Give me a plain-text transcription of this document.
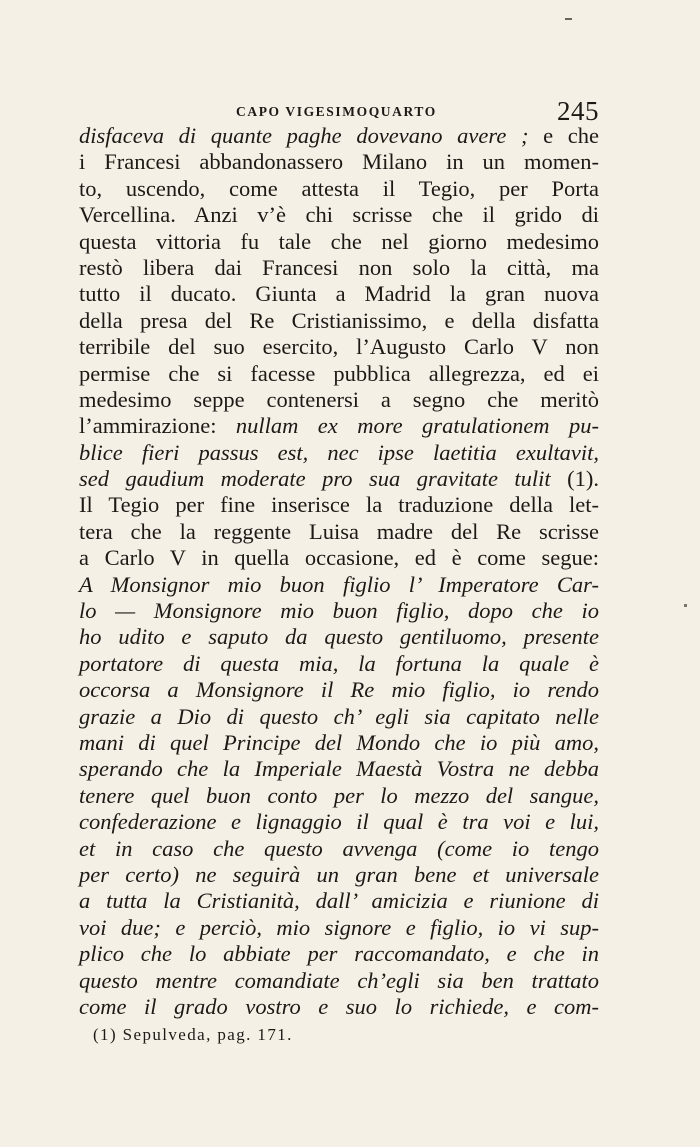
CAPO VIGESIMOQUARTO	245
disfaceva di quante paghe dovevano avere ; e che
i Francesi abbandonassero Milano in un momen-
to, uscendo, come attesta il Tegio, per Porta
Vercellina. Anzi v’è chi scrisse che il grido di
questa vittoria fu tale che nel giorno medesimo
restò libera dai Francesi non solo la città, ma
tutto il ducato. Giunta a Madrid la gran nuova
della presa del Re Cristianissimo, e della disfatta
terribile del suo esercito, l’Augusto Carlo V non
permise che si facesse pubblica allegrezza, ed ei
medesimo seppe contenersi a segno che meritò
l’ammirazione: nullam ex more gratulationem pu-
blice fieri passus est, nec ipse laetitia exultavit,
sed gaudium moderate pro sua gravitate tulit (1).
Il Tegio per fine inserisce la traduzione della let-
tera che la reggente Luisa madre del Re scrisse
a Carlo V in quella occasione, ed è come segue:
A Monsignor mio buon figlio l’ Imperatore Car-
lo — Monsignore mio buon figlio, dopo che io
ho udito e saputo da questo gentiluomo, presente
portatore di questa mia, la fortuna la quale è
occorsa a Monsignore il Re mio figlio, io rendo
grazie a Dio di questo ch’ egli sia capitato nelle
mani di quel Principe del Mondo che io più amo,
sperando che la Imperiale Maestà Vostra ne debba
tenere quel buon conto per lo mezzo del sangue,
confederazione e lignaggio il qual è tra voi e lui,
et in caso che questo avvenga (come io tengo
per certo) ne seguirà un gran bene et universale
a tutta la Cristianità, dall’ amicizia e riunione di
voi due; e perciò, mio signore e figlio, io vi sup-
plico che lo abbiate per raccomandato, e che in
questo mentre comandiate ch’egli sia ben trattato
come il grado vostro e suo lo richiede, e com-
(1) Sepulveda, pag. 171.
